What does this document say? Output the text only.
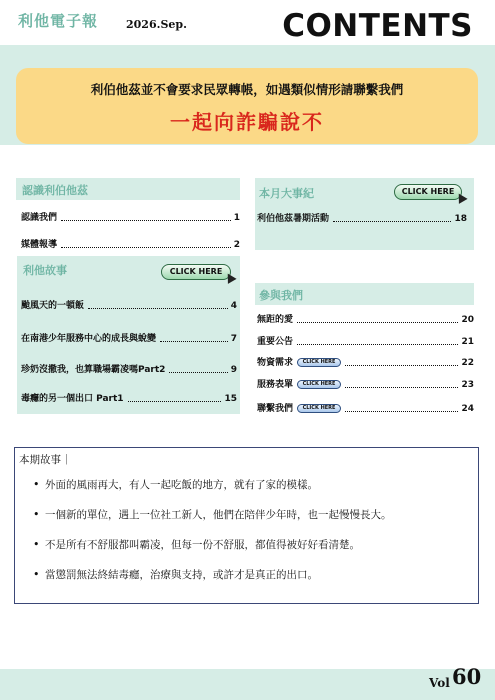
利他電子報	2026.Sep.	CONTENTS
利伯他茲並不會要求民眾轉帳，如遇類似情形請聯繫我們
一起向詐騙說不
認識利伯他茲
認識我們	1
媒體報導	2
本月大事紀	CLICK HERE
利伯他茲暑期活動	18
利他故事	CLICK HERE
颱風天的一頓飯	4
在南港少年服務中心的成長與蛻變	7
珍奶沒撒我，也算職場霸凌嗎Part2	9
毒癮的另一個出口 Part1	15
參與我們
無距的愛	20
重要公告	21
物資需求	CLICK HERE	22
服務表單	CLICK HERE	23
聯繫我們	CLICK HERE	24
本期故事｜
• 外面的風雨再大，有人一起吃飯的地方，就有了家的模樣。
• 一個新的單位，遇上一位社工新人，他們在陪伴少年時，也一起慢慢長大。
• 不是所有不舒服都叫霸凌，但每一份不舒服，都值得被好好看清楚。
• 當懲罰無法終結毒癮，治療與支持，或許才是真正的出口。
Vol 60
